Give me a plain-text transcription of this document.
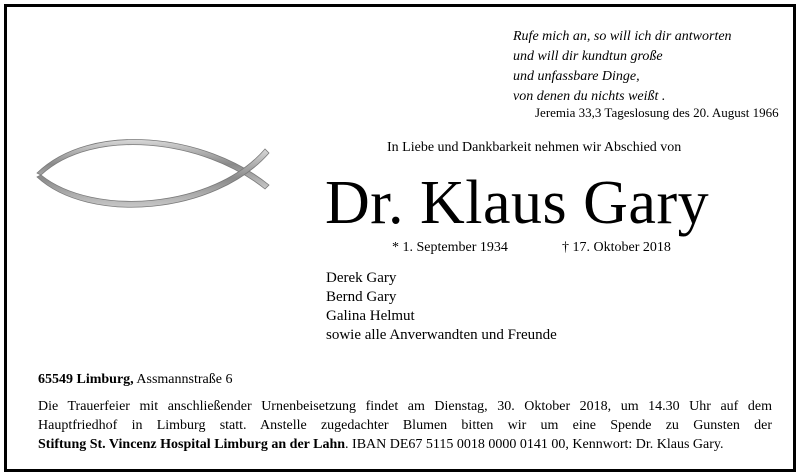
Rufe mich an, so will ich dir antworten
und will dir kundtun große
und unfassbare Dinge,
von denen du nichts weißt .
Jeremia 33,3 Tageslosung des 20. August 1966
In Liebe und Dankbarkeit nehmen wir Abschied von
Dr. Klaus Gary
* 1. September 1934	† 17. Oktober 2018
Derek Gary
Bernd Gary
Galina Helmut
sowie alle Anverwandten und Freunde
65549 Limburg, Assmannstraße 6
Die Trauerfeier mit anschließender Urnenbeisetzung findet am Dienstag, 30. Oktober 2018, um 14.30 Uhr auf dem
Hauptfriedhof in Limburg statt. Anstelle zugedachter Blumen bitten wir um eine Spende zu Gunsten der
Stiftung St. Vincenz Hospital Limburg an der Lahn. IBAN DE67 5115 0018 0000 0141 00, Kennwort: Dr. Klaus Gary.
